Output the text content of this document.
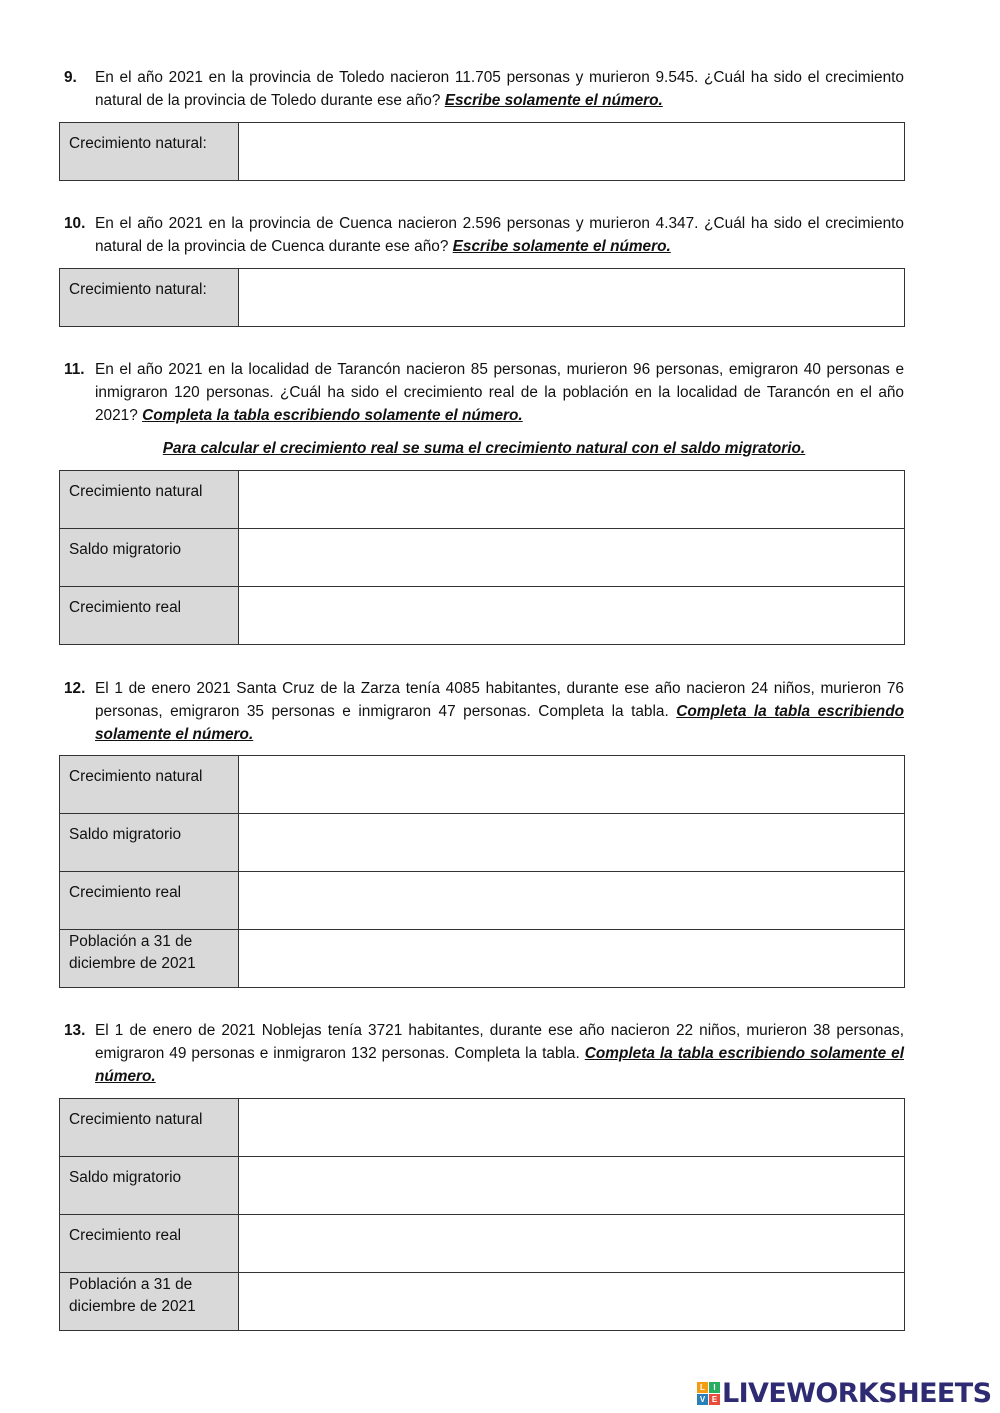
9.	En el año 2021 en la provincia de Toledo nacieron 11.705 personas y murieron 9.545. ¿Cuál ha sido el crecimiento natural de la provincia de Toledo durante ese año? Escribe solamente el número.
Crecimiento natural:	
10. En el año 2021 en la provincia de Cuenca nacieron 2.596 personas y murieron 4.347. ¿Cuál ha sido el crecimiento natural de la provincia de Cuenca durante ese año? Escribe solamente el número.
Crecimiento natural:	
11. En el año 2021 en la localidad de Tarancón nacieron 85 personas, murieron 96 personas, emigraron 40 personas e inmigraron 120 personas. ¿Cuál ha sido el crecimiento real de la población en la localidad de Tarancón en el año 2021? Completa la tabla escribiendo solamente el número.
Para calcular el crecimiento real se suma el crecimiento natural con el saldo migratorio.
Crecimiento natural	
Saldo migratorio	
Crecimiento real	
12. El 1 de enero 2021 Santa Cruz de la Zarza tenía 4085 habitantes, durante ese año nacieron 24 niños, murieron 76 personas, emigraron 35 personas e inmigraron 47 personas. Completa la tabla. Completa la tabla escribiendo solamente el número.
Crecimiento natural	
Saldo migratorio	
Crecimiento real	
Población a 31 de diciembre de 2021	
13. El 1 de enero de 2021 Noblejas tenía 3721 habitantes, durante ese año nacieron 22 niños, murieron 38 personas, emigraron 49 personas e inmigraron 132 personas. Completa la tabla. Completa la tabla escribiendo solamente el número.
Crecimiento natural	
Saldo migratorio	
Crecimiento real	
Población a 31 de diciembre de 2021	
L	I
V E LIVEWORKSHEETS
